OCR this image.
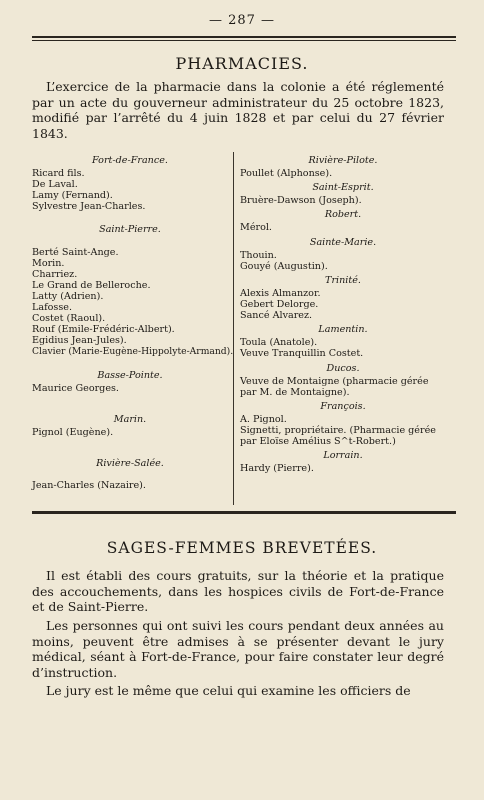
— 287 —
PHARMACIES.

L’exercice de la pharmacie dans la colonie a été réglementé par un acte du gouverneur administrateur du 25 octobre 1823, modifié par l’arrêté du 4 juin 1828 et par celui du 27 février 1843.

Fort-de-France.
Ricard fils.
De Laval.
Lamy (Fernand).
Sylvestre Jean-Charles.
Saint-Pierre.
Berté Saint-Ange.
Morin.
Charriez.
Le Grand de Belleroche.
Latty (Adrien).
Lafosse.
Costet (Raoul).
Rouf (Emile-Frédéric-Albert).
Egidius Jean-Jules).
Clavier (Marie-Eugène-Hippolyte-Armand).
Basse-Pointe.
Maurice Georges.
Marin.
Pignol (Eugène).
Rivière-Salée.
Jean-Charles (Nazaire).
Rivière-Pilote.
Poullet (Alphonse).
Saint-Esprit.
Bruère-Dawson (Joseph).
Robert.
Mérol.
Sainte-Marie.
Thouin.
Gouyé (Augustin).
Trinité.
Alexis Almanzor.
Gebert Delorge.
Sancé Alvarez.
Lamentin.
Toula (Anatole).
Veuve Tranquillin Costet.
Ducos.
Veuve de Montaigne (pharmacie gérée par M. de Montaigne).
François.
A. Pignol.
Signetti, propriétaire. (Pharmacie gérée par Eloïse Amélius S^t-Robert.)
Lorrain.
Hardy (Pierre).
SAGES-FEMMES BREVETÉES.

Il est établi des cours gratuits, sur la théorie et la pratique des accouchements, dans les hospices civils de Fort-de-France et de Saint-Pierre.

Les personnes qui ont suivi les cours pendant deux années au moins, peuvent être admises à se présenter devant le jury médical, séant à Fort-de-France, pour faire constater leur degré d’instruction.

Le jury est le même que celui qui examine les officiers de
